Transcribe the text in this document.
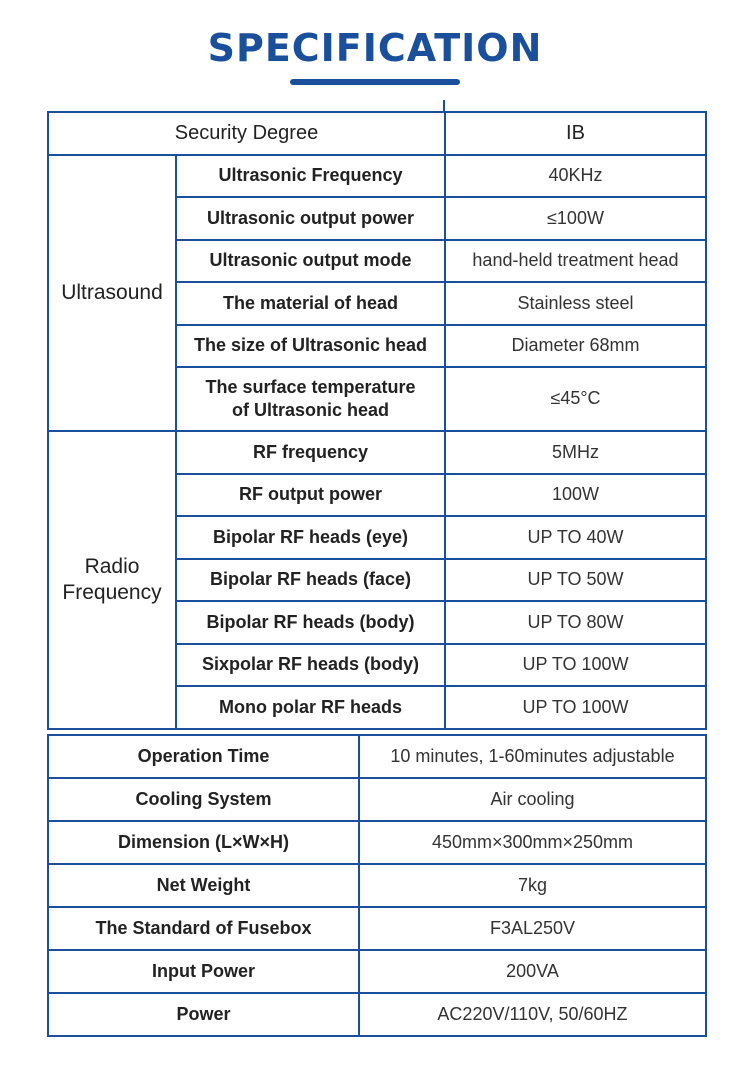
SPECIFICATION
Security Degree		IB
Ultrasound	Ultrasonic Frequency	40KHz
	Ultrasonic output power	≤100W
	Ultrasonic output mode	hand-held treatment head
	The material of head	Stainless steel
	The size of Ultrasonic head	Diameter 68mm

	The surface temperature
of Ultrasonic head	≤45°C

Radio
Frequency	RF frequency	5MHz
	RF output power	100W
	Bipolar RF heads (eye)	UP TO 40W
	Bipolar RF heads (face)	UP TO 50W
	Bipolar RF heads (body)	UP TO 80W
	Sixpolar RF heads (body)	UP TO 100W
	Mono polar RF heads	UP TO 100W
Operation Time	10 minutes, 1-60minutes adjustable
Cooling System	Air cooling
Dimension (L×W×H)	450mm×300mm×250mm
Net Weight	7kg
The Standard of Fusebox	F3AL250V
Input Power	200VA
Power	AC220V/110V, 50/60HZ
